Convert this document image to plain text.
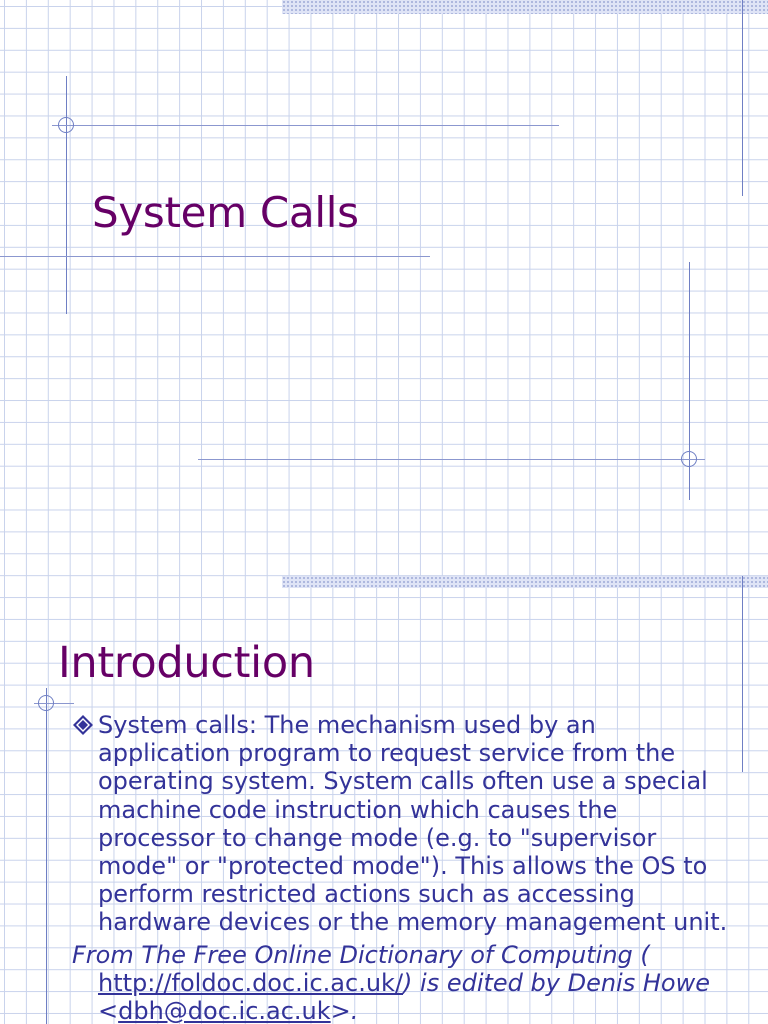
System Calls
Introduction
System calls: The mechanism used by an application program to request service from the operating system. System calls often use a special machine code instruction which causes the processor to change mode (e.g. to "supervisor mode" or "protected mode"). This allows the OS to perform restricted actions such as accessing hardware devices or the memory management unit.
From The Free Online Dictionary of Computing (
http://foldoc.doc.ic.ac.uk/) is edited by Denis Howe
<dbh@doc.ic.ac.uk>.
